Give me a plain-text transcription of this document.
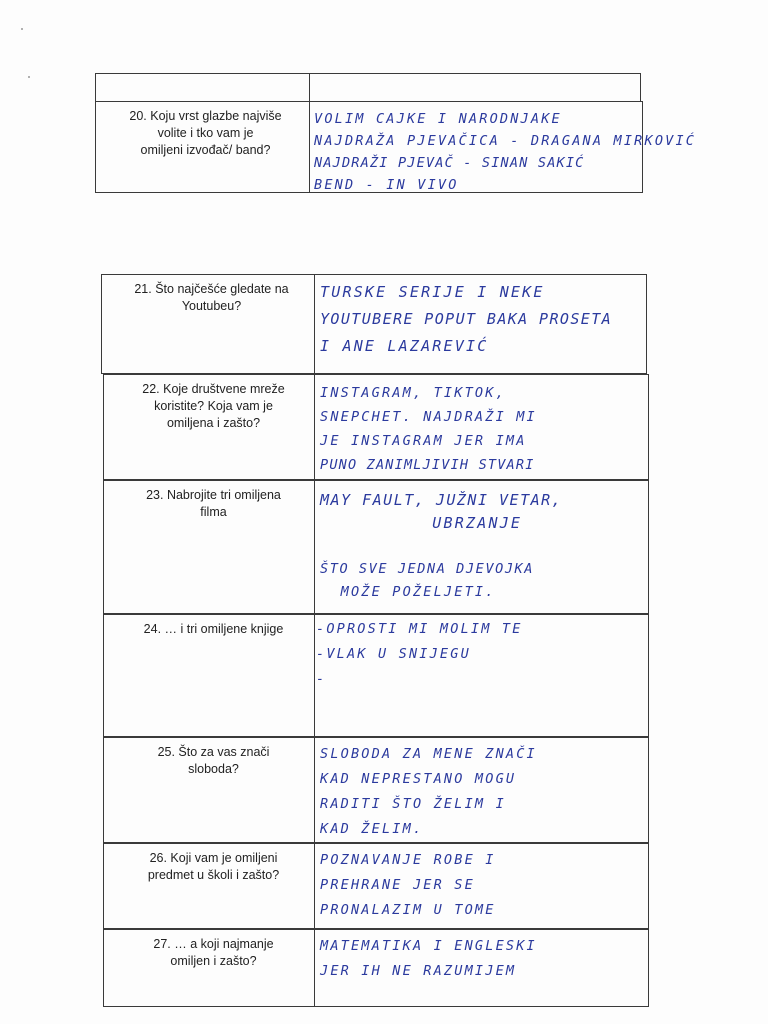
20. Koju vrst glazbe najviše
volite i tko vam je
omiljeni izvođač/ band?
VOLIM CAJKE I NARODNJAKE
NAJDRAŽA PJEVAČICA - DRAGANA MIRKOVIĆ
NAJDRAŽI PJEVAČ - SINAN SAKIĆ
BEND - IN VIVO
21. Što najčešće gledate na
Youtubeu?
TURSKE SERIJE I NEKE
YOUTUBERE POPUT BAKA PROSETA
I ANE LAZAREVIĆ
22. Koje društvene mreže
koristite? Koja vam je
omiljena i zašto?
INSTAGRAM, TIKTOK,
SNEPCHET. NAJDRAŽI MI
JE INSTAGRAM JER IMA
PUNO ZANIMLJIVIH STVARI
23. Nabrojite tri omiljena
filma
MAY FAULT, JUŽNI VETAR,
UBRZANJE
ŠTO SVE JEDNA DJEVOJKA
MOŽE POŽELJETI.
24. … i tri omiljene knjige	-OPROSTI MI MOLIM TE
-VLAK U SNIJEGU
-
25. Što za vas znači
sloboda?
SLOBODA ZA MENE ZNAČI
KAD NEPRESTANO MOGU
RADITI ŠTO ŽELIM I
KAD ŽELIM.
26. Koji vam je omiljeni
predmet u školi i zašto?
POZNAVANJE ROBE I
PREHRANE JER SE
PRONALAZIM U TOME
27. … a koji najmanje
omiljen i zašto?
MATEMATIKA I ENGLESKI
JER IH NE RAZUMIJEM
